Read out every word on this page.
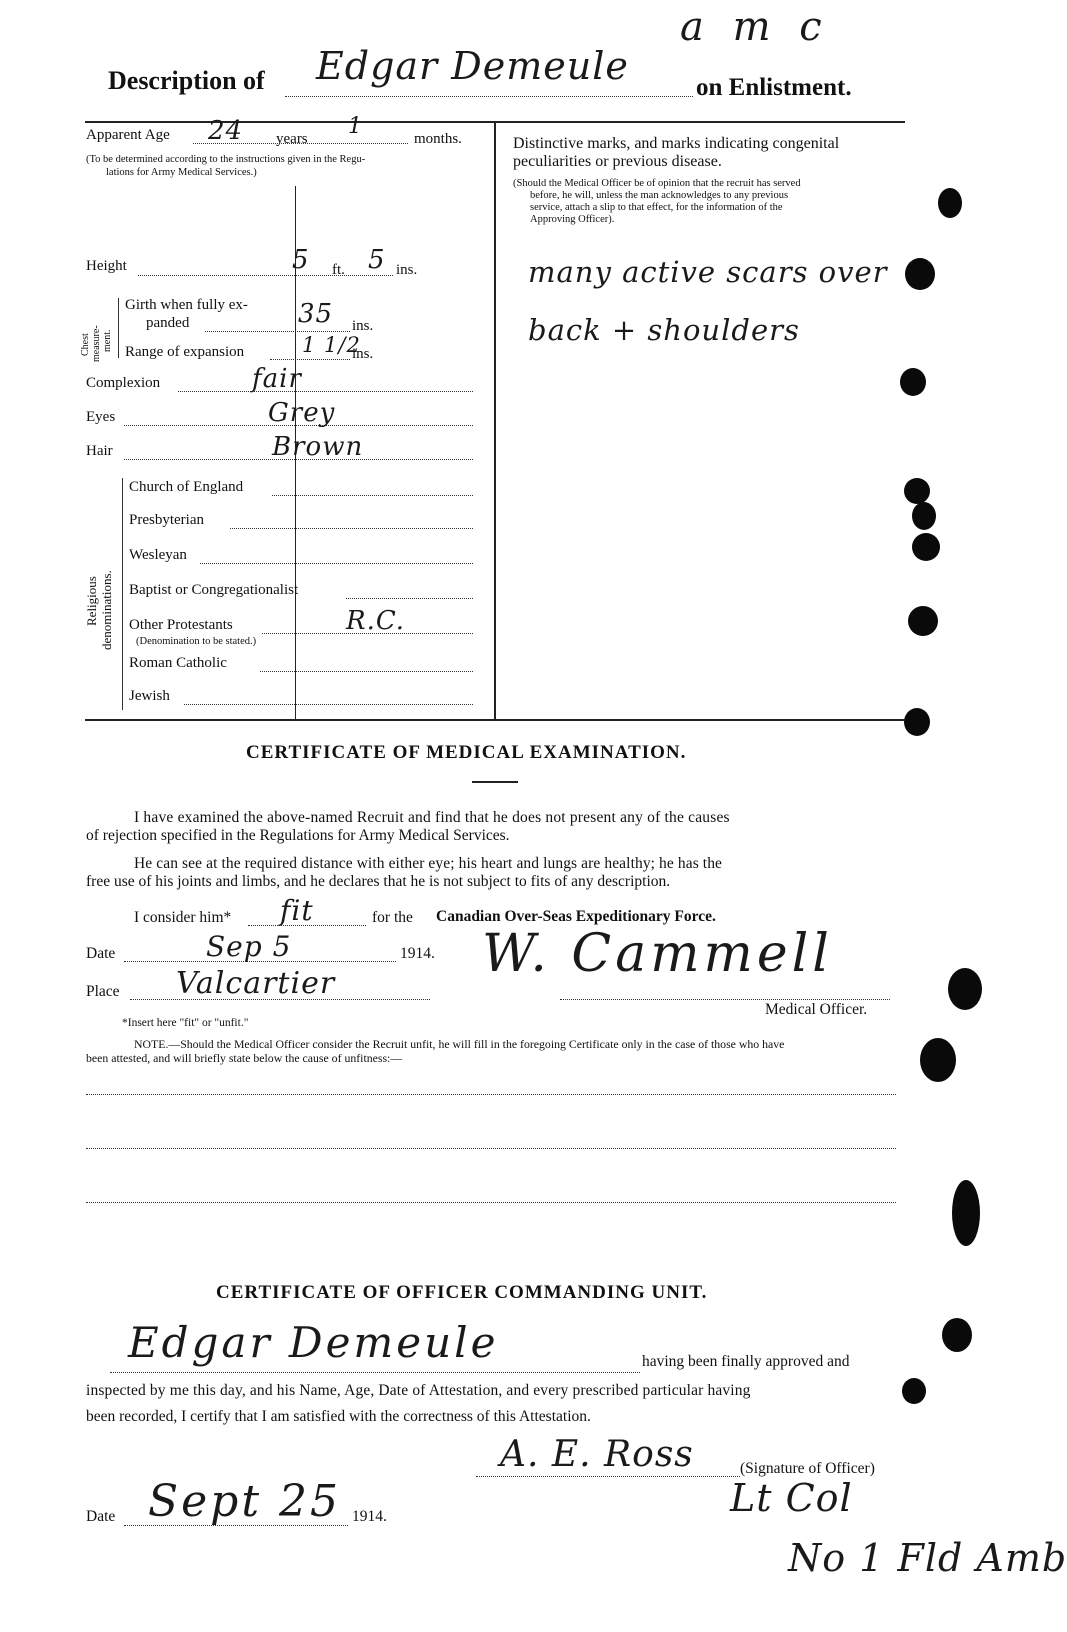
a m c
Description of Edgar Demeule	on Enlistment.
Apparent Age 24 years 1	months.
(To be determined according to the instructions given in the Regu-
lations for Army Medical Services.)
Height	5 ft. 5 ins.
Chest measure- ment.
Girth when fully ex-
panded	35 ins.
Range of expansion	1 1/2
ins.
Complexion	fair
Eyes	Grey
Hair	Brown
Religious denominations.
Church of England
Presbyterian
Wesleyan
Baptist or Congregationalist
Other Protestants	R.C.
(Denomination to be stated.)
Roman Catholic
Jewish
Distinctive marks, and marks indicating congenital
peculiarities or previous disease.
(Should the Medical Officer be of opinion that the recruit has served
before, he will, unless the man acknowledges to any previous
service, attach a slip to that effect, for the information of the
Approving Officer).
many active scars over
back + shoulders
CERTIFICATE OF MEDICAL EXAMINATION.
I have examined the above-named Recruit and find that he does not present any of the causes
of rejection specified in the Regulations for Army Medical Services.
He can see at the required distance with either eye; his heart and lungs are healthy; he has the
free use of his joints and limbs, and he declares that he is not subject to fits of any description.
I consider him* fit	for the Canadian Over-Seas Expeditionary Force.
Date	Sep 5	1914. W. Cammell
Place Valcartier
*Insert here "fit" or "unfit."
Medical Officer.
NOTE.—Should the Medical Officer consider the Recruit unfit, he will fill in the foregoing Certificate only in the case of those who have
been attested, and will briefly state below the cause of unfitness:—
CERTIFICATE OF OFFICER COMMANDING UNIT.
Edgar Demeule	having been finally approved and
inspected by me this day, and his Name, Age, Date of Attestation, and every prescribed particular having
been recorded, I certify that I am satisfied with the correctness of this Attestation.
A. E. Ross	(Signature of Officer)
Lt Col
No 1 Fld Amb
Date Sept 25 1914.
